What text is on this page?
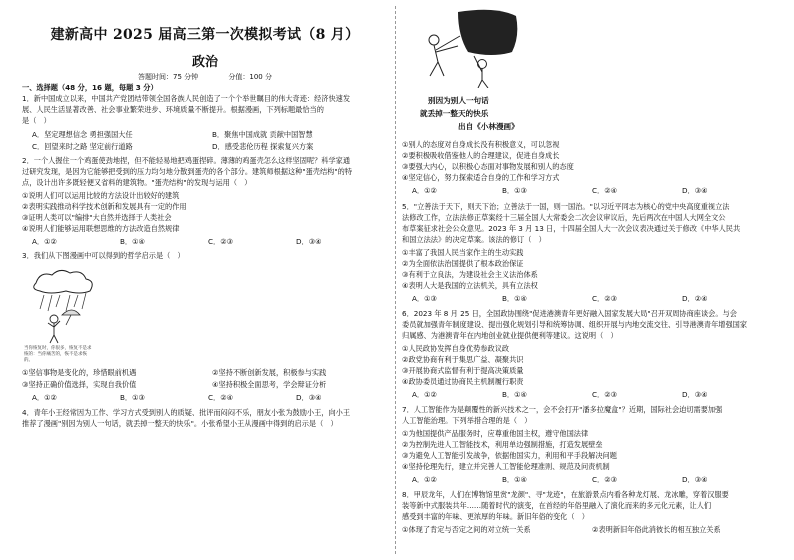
建新高中 2025 届高三第一次模拟考试（8 月）
政治
答题时间：75 分钟	分值：100 分
一、选择题（48 分，16 题，每题 3 分）
1．新中国成立以来，中国共产党团结带领全国各族人民创造了一个个举世瞩目的伟大奇迹：经济快速发
展、人民生活显著改善、社会事业繁荣进步、环境质量不断提升。根据漫画，下列标题最恰当的
是（　）
A．坚定理想信念 勇担强国大任	B．聚焦中国成就 贡献中国智慧
C．回望来时之路 坚定前行道路	D．感受悲伦历程 探索复兴方案
2．一个人握住一个鸡蛋使劲地捏，但不能轻易地把鸡蛋捏碎。薄薄的鸡蛋壳怎么这样坚固呢？科学家通
过研究发现，是因为它能够把受到的压力均匀地分散到蛋壳的各个部分。建筑师根据这种"蛋壳结构"的特
点，设计出许多既轻便又省料的建筑物。"蛋壳结构"的发现与运用（　）
①说明人们可以运用比较的方法设计出较好的建筑
②表明实践推动科学技术创新和发展具有一定的作用
③证明人类可以"编排"大自然并选择于人类社会
④说明人们能够运用联想思维的方法改造自然规律
A．①②	B．①④	C．②③	D．③④
3．我们从下图漫画中可以得到的哲学启示是（　）
当你恢复时，你很多，恢复不是求恢的：当你痛苦的，恢不是求恢的。
①坚信事物是变化的，珍惜眼前机遇	②坚持不断创新发展，积极参与实践
③坚持正确价值选择，实现自我价值	④坚持积极全面思考，学会辩证分析
A．①②	B．①③	C．②④	D．③④
4．青年小王经常因为工作、学习方式受到别人的质疑、批评而闷闷不乐，朋友小张为鼓励小王，向小王
推荐了漫画"别因为别人一句话，就丢掉一整天的快乐"。小张希望小王从漫画中得到的启示是（　）
别因为别人一句话
就丢掉一整天的快乐
出自《小林漫画》
①别人的态度对自身成长没有积极意义，可以忽视
②要积极吸收借鉴他人的合理建议，促进自身成长
③要强大内心，以积极心态面对事物发展和别人的态度
④坚定信心，努力探索适合自身的工作和学习方式
A．①②	B．①③	C．②④	D．③④
5．"立善法于天下，则天下治；立善法于一国，则一国治。"以习近平同志为核心的党中央高度重视立法
法修改工作，立法法修正草案经十三届全国人大常委会二次会议审议后，先后两次在中国人大网全文公
布草案征求社会公众意见。2023 年 3 月 13 日，十四届全国人大一次会议表决通过关于修改《中华人民共
和国立法法》的决定草案。该法的修订（　）
①丰富了我国人民当家作主的生动实践
②为全面依法治国提供了根本政治保证
③有利于立良法，为建设社会主义法治体系
④表明人大是我国的立法机关，具有立法权
A．①③	B．①④	C．②③	D．②④
6．2023 年 8 月 25 日，全国政协围绕"促进港澳青年更好融入国家发展大局"召开双周协商座谈会。与会
委员就加强青年制度建设、提出强化规划引导和统筹协调、组织开展与内地交流交往、引导港澳青年增强国家
归属感、为港澳青年在内地创业就业提供便利等建议。这说明（　）
①人民政协发挥自身优势参政议政
②政党协商有利于集思广益、凝聚共识
③开展协商式监督有利于提高决策质量
④政协委员通过协商民主机制履行职责
A．①②	B．①④	C．②③	D．③④
7．人工智能作为是颠覆性的新兴技术之一，会不会打开"潘多拉魔盒"？近期，国际社会迫切需要加强
人工智能治理。下列举措合理的是（　）
①为他国提供产品服务时，应尊重他国主权，遵守他国法律
②为控制先进人工智能技术，利用单边强制措施，打造发展壁垒
③为避免人工智能引发战争，依据他国实力，利用和平手段解决问题
④坚持伦理先行，建立并完善人工智能伦理准则、规范及问责机制
A．①②	B．①④	C．②③	D．③④
8．甲辰龙年，人们在博物馆里赏"龙颜"、寻"龙迹"，在旅游景点内看各种龙灯展、龙冰雕，穿着汉服要
装等新中式服装共年……随着时代的演变，在首经的年俗里融入了演化而来的多元化元素，让人们
感受到丰富的年味、更浓厚的年味。新旧年俗的变化（　）
①体现了肯定与否定之间的对立统一关系	②表明新旧年俗此消彼长的相互独立关系
